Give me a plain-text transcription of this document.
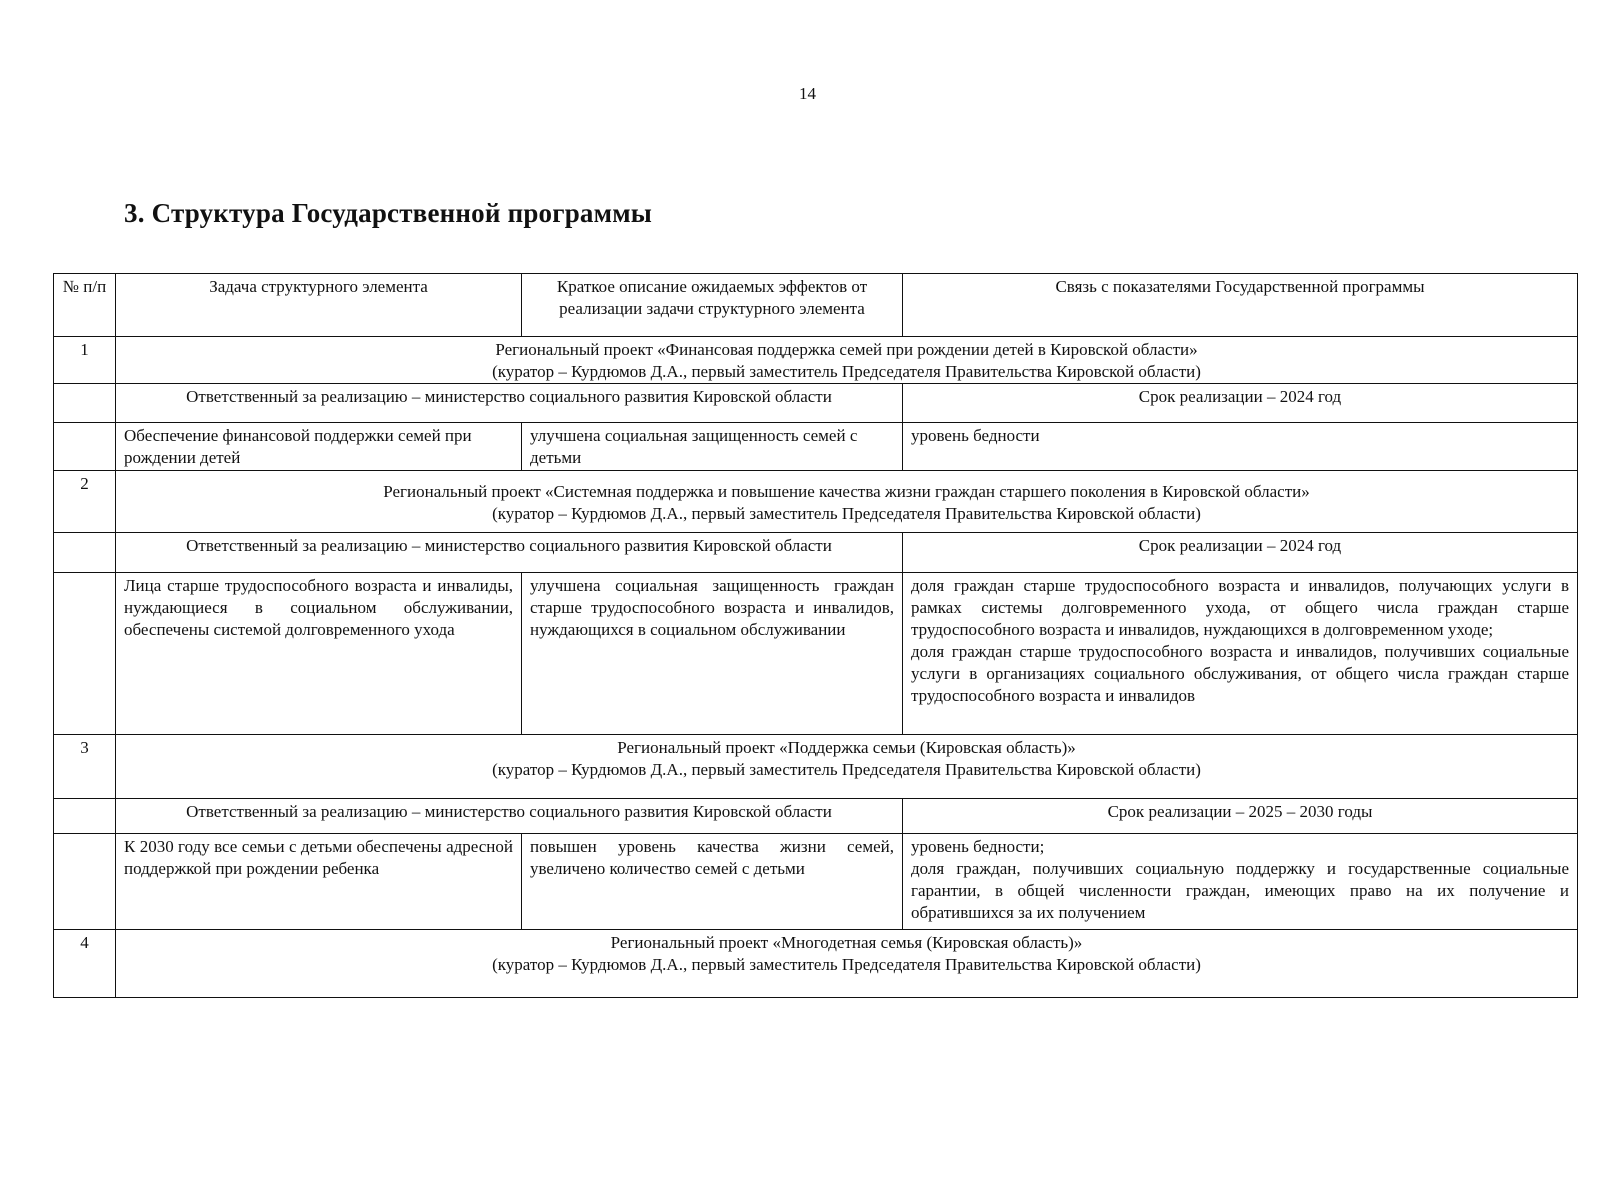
14
3. Структура Государственной программы
№ п/п	Задача структурного элемента	Краткое описание ожидаемых эффектов от реализации задачи структурного элемента	Связь с показателями Государственной программы
1	Региональный проект «Финансовая поддержка семей при рождении детей в Кировской области»
(куратор – Курдюмов Д.А., первый заместитель Председателя Правительства Кировской области)		

	Ответственный за реализацию – министерство социального развития Кировской области		Срок реализации – 2024 год
	Обеспечение финансовой поддержки семей при рождении детей	улучшена социальная защищенность семей с детьми	уровень бедности

2	Региональный проект «Системная поддержка и повышение качества жизни граждан старшего поколения в Кировской области»
(куратор – Курдюмов Д.А., первый заместитель Председателя Правительства Кировской области)		

	Ответственный за реализацию – министерство социального развития Кировской области		Срок реализации – 2024 год
	Лица старше трудоспособного возраста и инвалиды, нуждающиеся в социальном обслуживании, обеспечены системой долговременного ухода	улучшена социальная защищенность граждан старше трудоспособного возраста и инвалидов, нуждающихся в социальном обслуживании	доля граждан старше трудоспособного возраста и инвалидов, получающих услуги в рамках системы долговременного ухода, от общего числа граждан старше трудоспособного возраста и инвалидов, нуждающихся в долговременном уходе;
доля граждан старше трудоспособного возраста и инвалидов, получивших социальные услуги в организациях социального обслуживания, от общего числа граждан старше трудоспособного возраста и инвалидов

3	Региональный проект «Поддержка семьи (Кировская область)»
(куратор – Курдюмов Д.А., первый заместитель Председателя Правительства Кировской области)		

	Ответственный за реализацию – министерство социального развития Кировской области		Срок реализации – 2025 – 2030 годы
	К 2030 году все семьи с детьми обеспечены адресной поддержкой при рождении ребенка	повышен уровень качества жизни семей, увеличено количество семей с детьми	уровень бедности;
доля граждан, получивших социальную поддержку и государственные социальные гарантии, в общей численности граждан, имеющих право на их получение и обратившихся за их получением

4	Региональный проект «Многодетная семья (Кировская область)»
(куратор – Курдюмов Д.А., первый заместитель Председателя Правительства Кировской области)		
